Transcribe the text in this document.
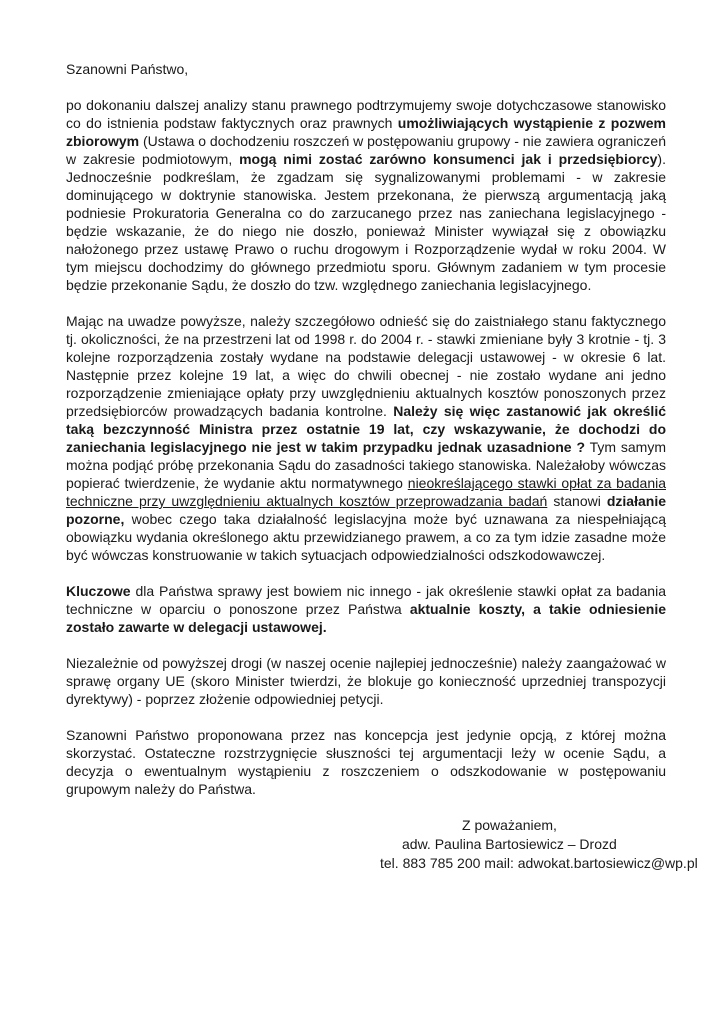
Szanowni Państwo,

po dokonaniu dalszej analizy stanu prawnego podtrzymujemy swoje dotychczasowe stanowisko co do istnienia podstaw faktycznych oraz prawnych umożliwiających wystąpienie z pozwem zbiorowym (Ustawa o dochodzeniu roszczeń w postępowaniu grupowy - nie zawiera ograniczeń w zakresie podmiotowym, mogą nimi zostać zarówno konsumenci jak i przedsiębiorcy). Jednocześnie podkreślam, że zgadzam się sygnalizowanymi problemami - w zakresie dominującego w doktrynie stanowiska. Jestem przekonana, że pierwszą argumentacją jaką podniesie Prokuratoria Generalna co do zarzucanego przez nas zaniechana legislacyjnego - będzie wskazanie, że do niego nie doszło, ponieważ Minister wywiązał się z obowiązku nałożonego przez ustawę Prawo o ruchu drogowym i Rozporządzenie wydał w roku 2004. W tym miejscu dochodzimy do głównego przedmiotu sporu. Głównym zadaniem w tym procesie będzie przekonanie Sądu, że doszło do tzw. względnego zaniechania legislacyjnego.

Mając na uwadze powyższe, należy szczegółowo odnieść się do zaistniałego stanu faktycznego tj. okoliczności, że na przestrzeni lat od 1998 r. do 2004 r. - stawki zmieniane były 3 krotnie - tj. 3 kolejne rozporządzenia zostały wydane na podstawie delegacji ustawowej - w okresie 6 lat. Następnie przez kolejne 19 lat, a więc do chwili obecnej - nie zostało wydane ani jedno rozporządzenie zmieniające opłaty przy uwzględnieniu aktualnych kosztów ponoszonych przez przedsiębiorców prowadzących badania kontrolne. Należy się więc zastanowić jak określić taką bezczynność Ministra przez ostatnie 19 lat, czy wskazywanie, że dochodzi do zaniechania legislacyjnego nie jest w takim przypadku jednak uzasadnione ? Tym samym można podjąć próbę przekonania Sądu do zasadności takiego stanowiska. Należałoby wówczas popierać twierdzenie, że wydanie aktu normatywnego nieokreślającego stawki opłat za badania techniczne przy uwzględnieniu aktualnych kosztów przeprowadzania badań stanowi działanie pozorne, wobec czego taka działalność legislacyjna może być uznawana za niespełniającą obowiązku wydania określonego aktu przewidzianego prawem, a co za tym idzie zasadne może być wówczas konstruowanie w takich sytuacjach odpowiedzialności odszkodowawczej.

Kluczowe dla Państwa sprawy jest bowiem nic innego - jak określenie stawki opłat za badania techniczne w oparciu o ponoszone przez Państwa aktualnie koszty, a takie odniesienie zostało zawarte w delegacji ustawowej.

Niezależnie od powyższej drogi (w naszej ocenie najlepiej jednocześnie) należy zaangażować w sprawę organy UE (skoro Minister twierdzi, że blokuje go konieczność uprzedniej transpozycji dyrektywy) - poprzez złożenie odpowiedniej petycji.

Szanowni Państwo proponowana przez nas koncepcja jest jedynie opcją, z której można skorzystać. Ostateczne rozstrzygnięcie słuszności tej argumentacji leży w ocenie Sądu, a decyzja o ewentualnym wystąpieniu z roszczeniem o odszkodowanie w postępowaniu grupowym należy do Państwa.

Z poważaniem,
adw. Paulina Bartosiewicz – Drozd
tel. 883 785 200 mail: adwokat.bartosiewicz@wp.pl
